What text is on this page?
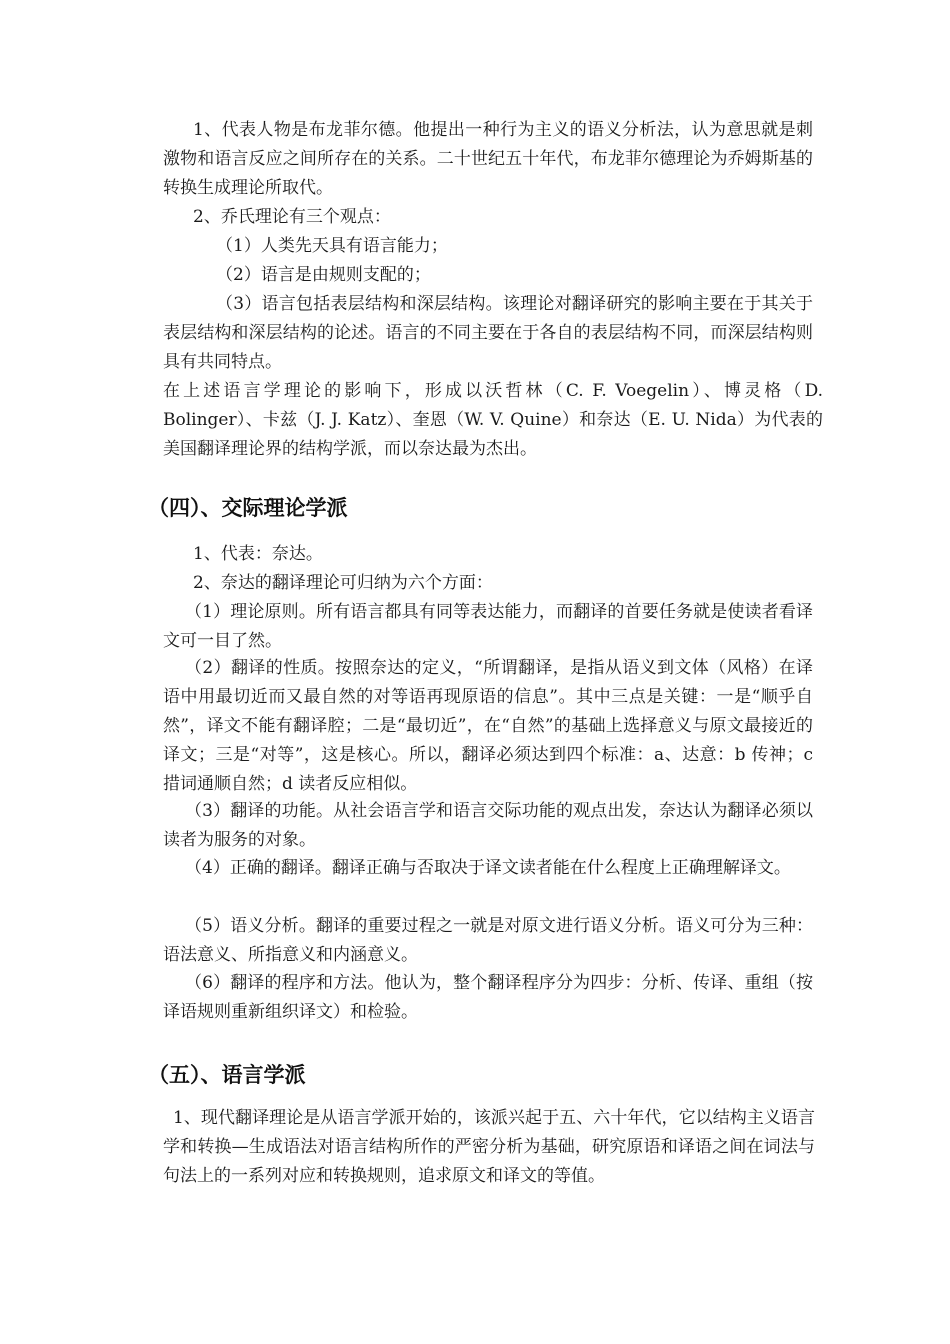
1、代表人物是布龙菲尔德。他提出一种行为主义的语义分析法，认为意思就是刺激物和语言反应之间所存在的关系。二十世纪五十年代，布龙菲尔德理论为乔姆斯基的转换生成理论所取代。

2、乔氏理论有三个观点：

（1）人类先天具有语言能力；

（2）语言是由规则支配的；

（3）语言包括表层结构和深层结构。该理论对翻译研究的影响主要在于其关于表层结构和深层结构的论述。语言的不同主要在于各自的表层结构不同，而深层结构则具有共同特点。

在上述语言学理论的影响下，形成以沃哲林（C. F. Voegelin）、博灵格（D. Bolinger）、卡兹（J. J. Katz）、奎恩（W. V. Quine）和奈达（E. U. Nida）为代表的美国翻译理论界的结构学派，而以奈达最为杰出。

（四）、交际理论学派

1、代表：奈达。

2、奈达的翻译理论可归纳为六个方面：

（1）理论原则。所有语言都具有同等表达能力，而翻译的首要任务就是使读者看译文可一目了然。

（2）翻译的性质。按照奈达的定义，“所谓翻译，是指从语义到文体（风格）在译语中用最切近而又最自然的对等语再现原语的信息”。其中三点是关键：一是“顺乎自然”，译文不能有翻译腔；二是“最切近”，在“自然”的基础上选择意义与原文最接近的译文；三是“对等”，这是核心。所以，翻译必须达到四个标准：a、达意：b 传神；c 措词通顺自然；d 读者反应相似。

（3）翻译的功能。从社会语言学和语言交际功能的观点出发，奈达认为翻译必须以读者为服务的对象。

（4）正确的翻译。翻译正确与否取决于译文读者能在什么程度上正确理解译文。

（5）语义分析。翻译的重要过程之一就是对原文进行语义分析。语义可分为三种：语法意义、所指意义和内涵意义。

（6）翻译的程序和方法。他认为，整个翻译程序分为四步：分析、传译、重组（按译语规则重新组织译文）和检验。

（五）、语言学派

1、现代翻译理论是从语言学派开始的，该派兴起于五、六十年代，它以结构主义语言学和转换—生成语法对语言结构所作的严密分析为基础，研究原语和译语之间在词法与句法上的一系列对应和转换规则，追求原文和译文的等值。
